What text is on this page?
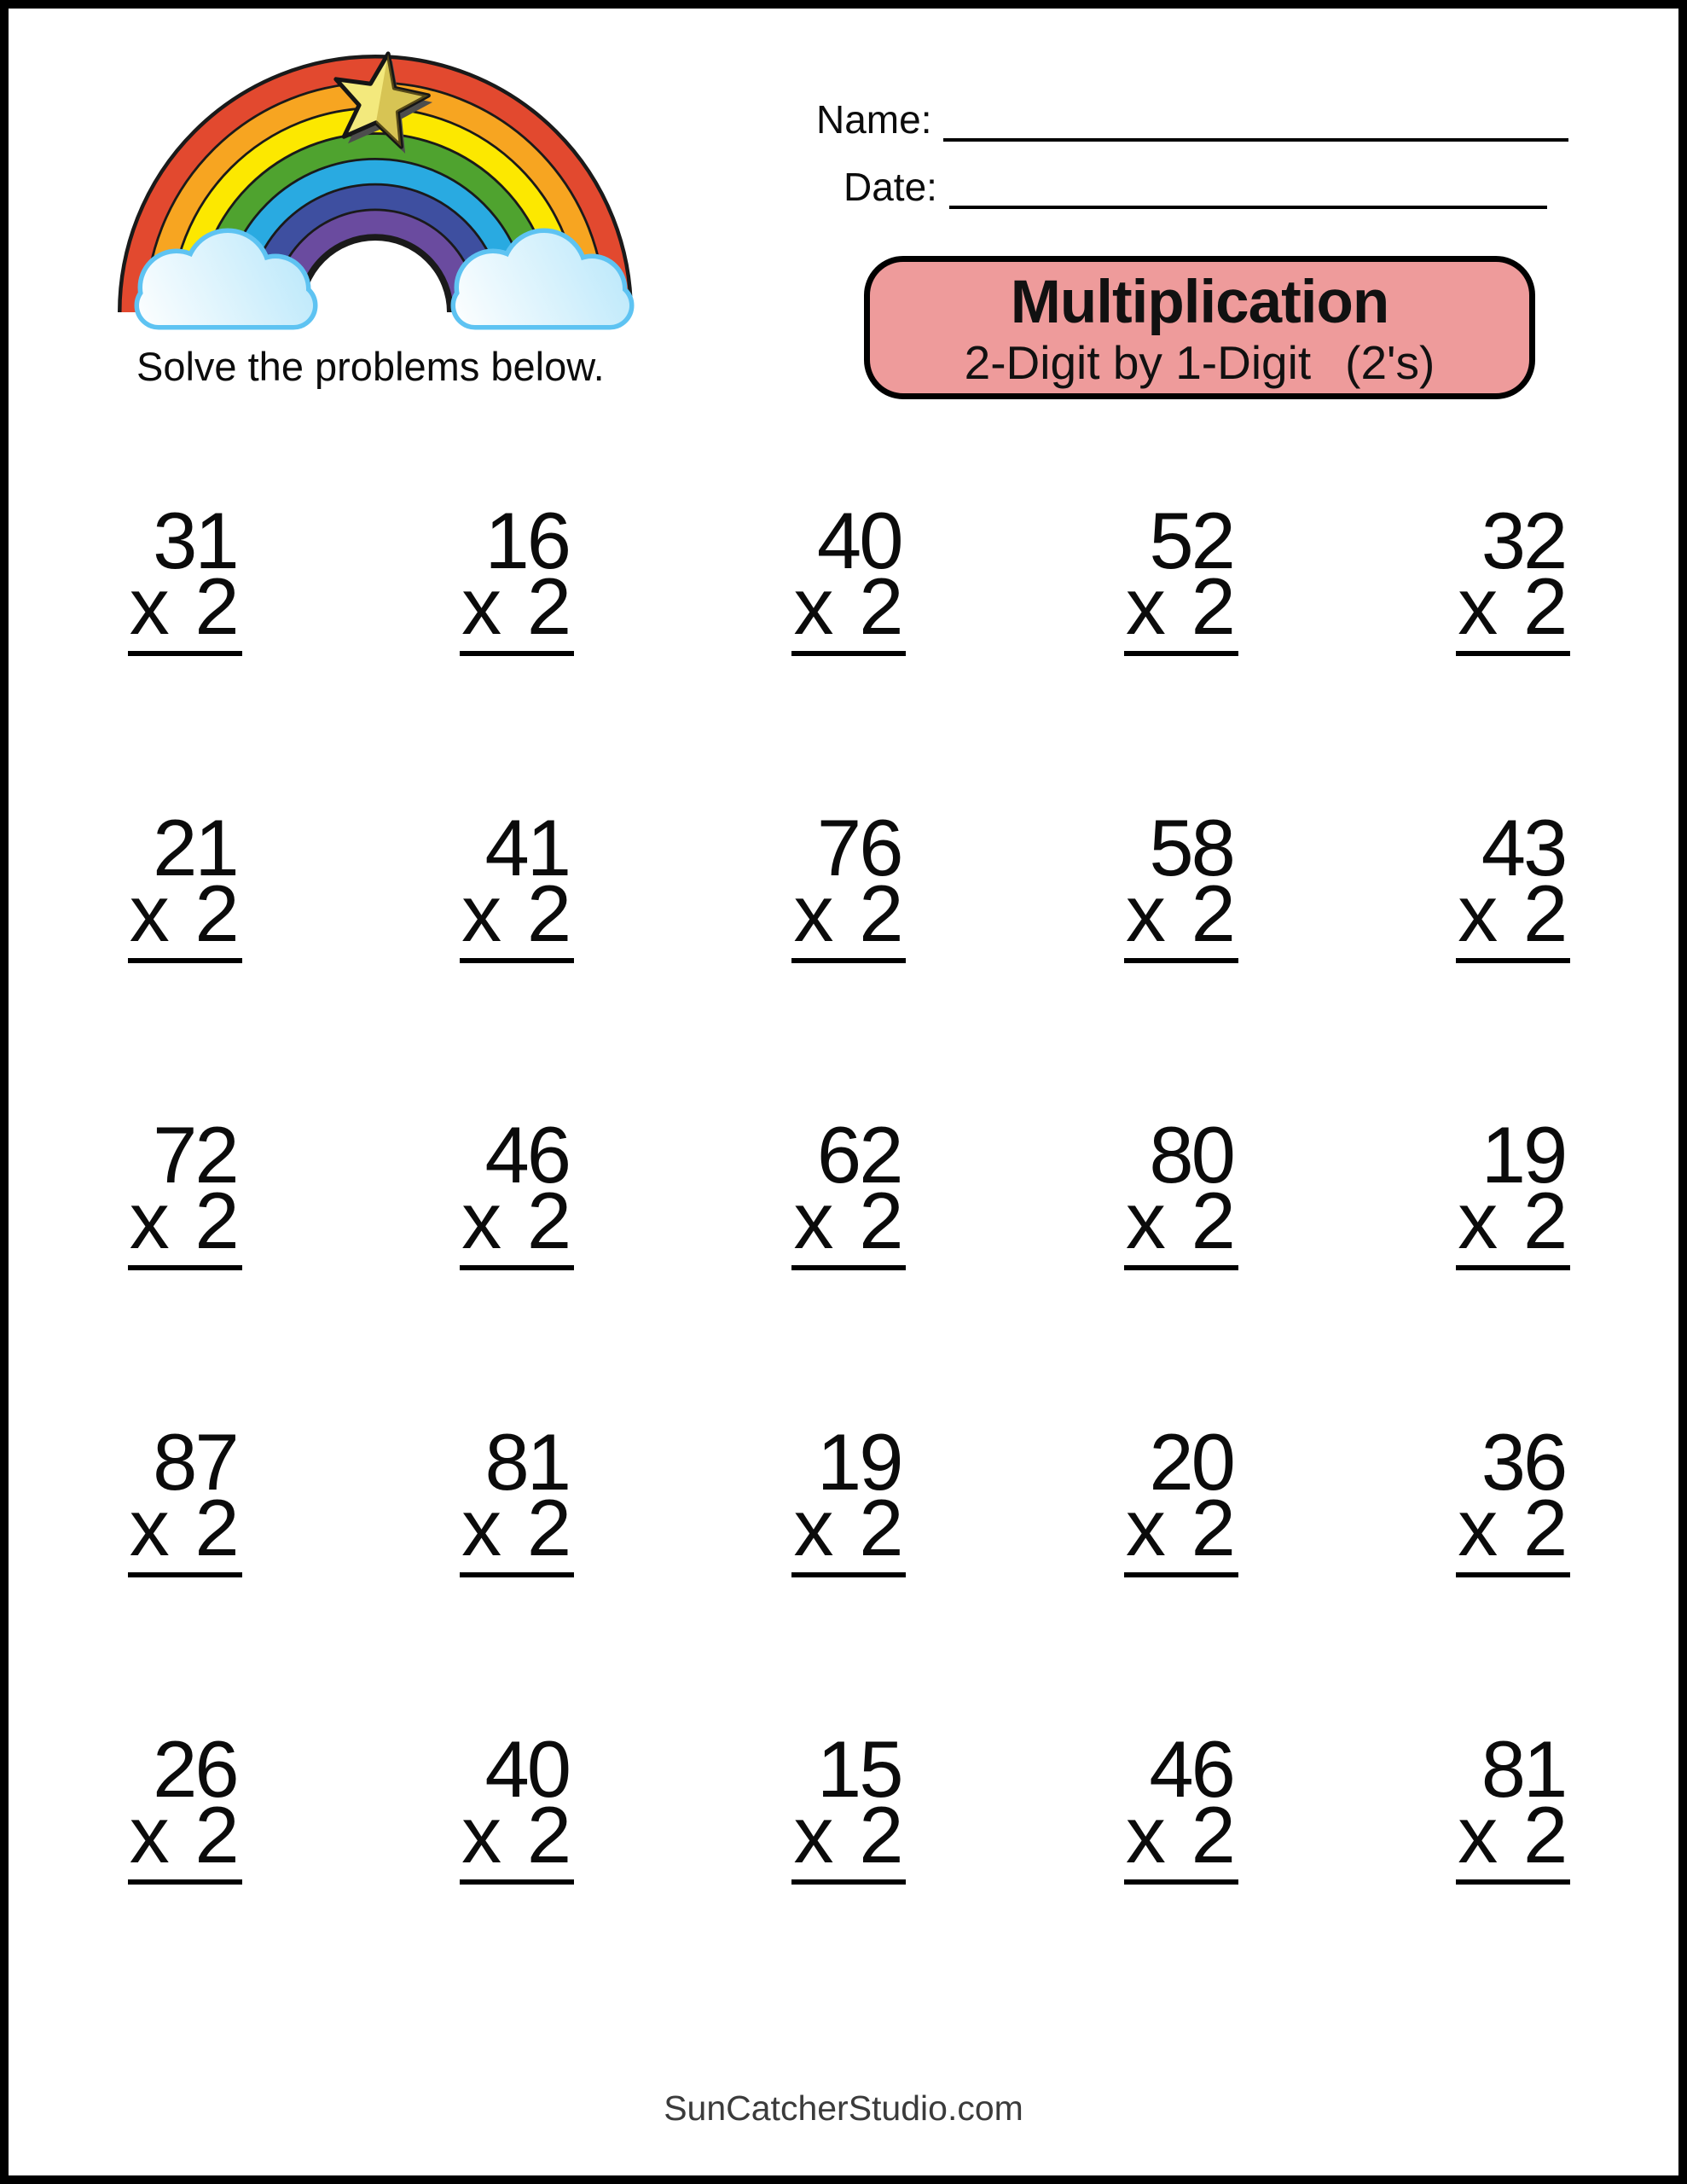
Solve the problems below.
Name:
Date:
Multiplication
2-Digit by 1-Digit (2's)
31
x 2
16
x 2
40
x 2
52
x 2
32
x 2
21
x 2
41
x 2
76
x 2
58
x 2
43
x 2
72
x 2
46
x 2
62
x 2
80
x 2
19
x 2
87
x 2
81
x 2
19
x 2
20
x 2
36
x 2
26
x 2
40
x 2
15
x 2
46
x 2
81
x 2
SunCatcherStudio.com
